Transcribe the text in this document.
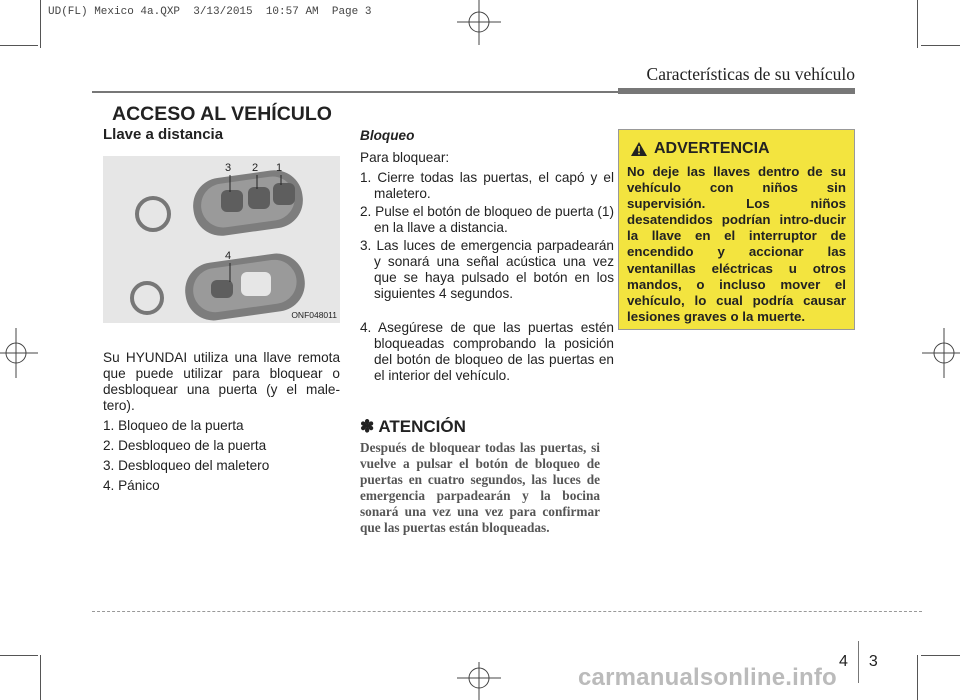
UD(FL) Mexico 4a.QXP  3/13/2015  10:57 AM  Page 3
Características de su vehículo
ACCESO AL VEHÍCULO
Llave a distancia
3 2 1
4
ONF048011
Su HYUNDAI utiliza una llave remota que puede utilizar para bloquear o desbloquear una puerta (y el male-tero).
1. Bloqueo de la puerta
2. Desbloqueo de la puerta
3. Desbloqueo del maletero
4. Pánico
Bloqueo
Para bloquear:
1. Cierre todas las puertas, el capó y el maletero.
2. Pulse el botón de bloqueo de puerta (1) en la llave a distancia.
3. Las luces de emergencia parpadearán y sonará una señal acústica una vez que se haya pulsado el botón en los siguientes 4 segundos.
4. Asegúrese de que las puertas estén bloqueadas comprobando la posición del botón de bloqueo de las puertas en el interior del vehículo.
✽ ATENCIÓN
Después de bloquear todas las puertas, si vuelve a pulsar el botón de bloqueo de puertas en cuatro segundos, las luces de emergencia parpadearán y la bocina sonará una vez una vez para confirmar que las puertas están bloqueadas.
ADVERTENCIA
No deje las llaves dentro de su vehículo con niños sin supervisión. Los niños desatendidos podrían intro-ducir la llave en el interruptor de encendido y accionar las ventanillas eléctricas u otros mandos, o incluso mover el vehículo, lo cual podría causar lesiones graves o la muerte.
4 3
carmanualsonline.info
